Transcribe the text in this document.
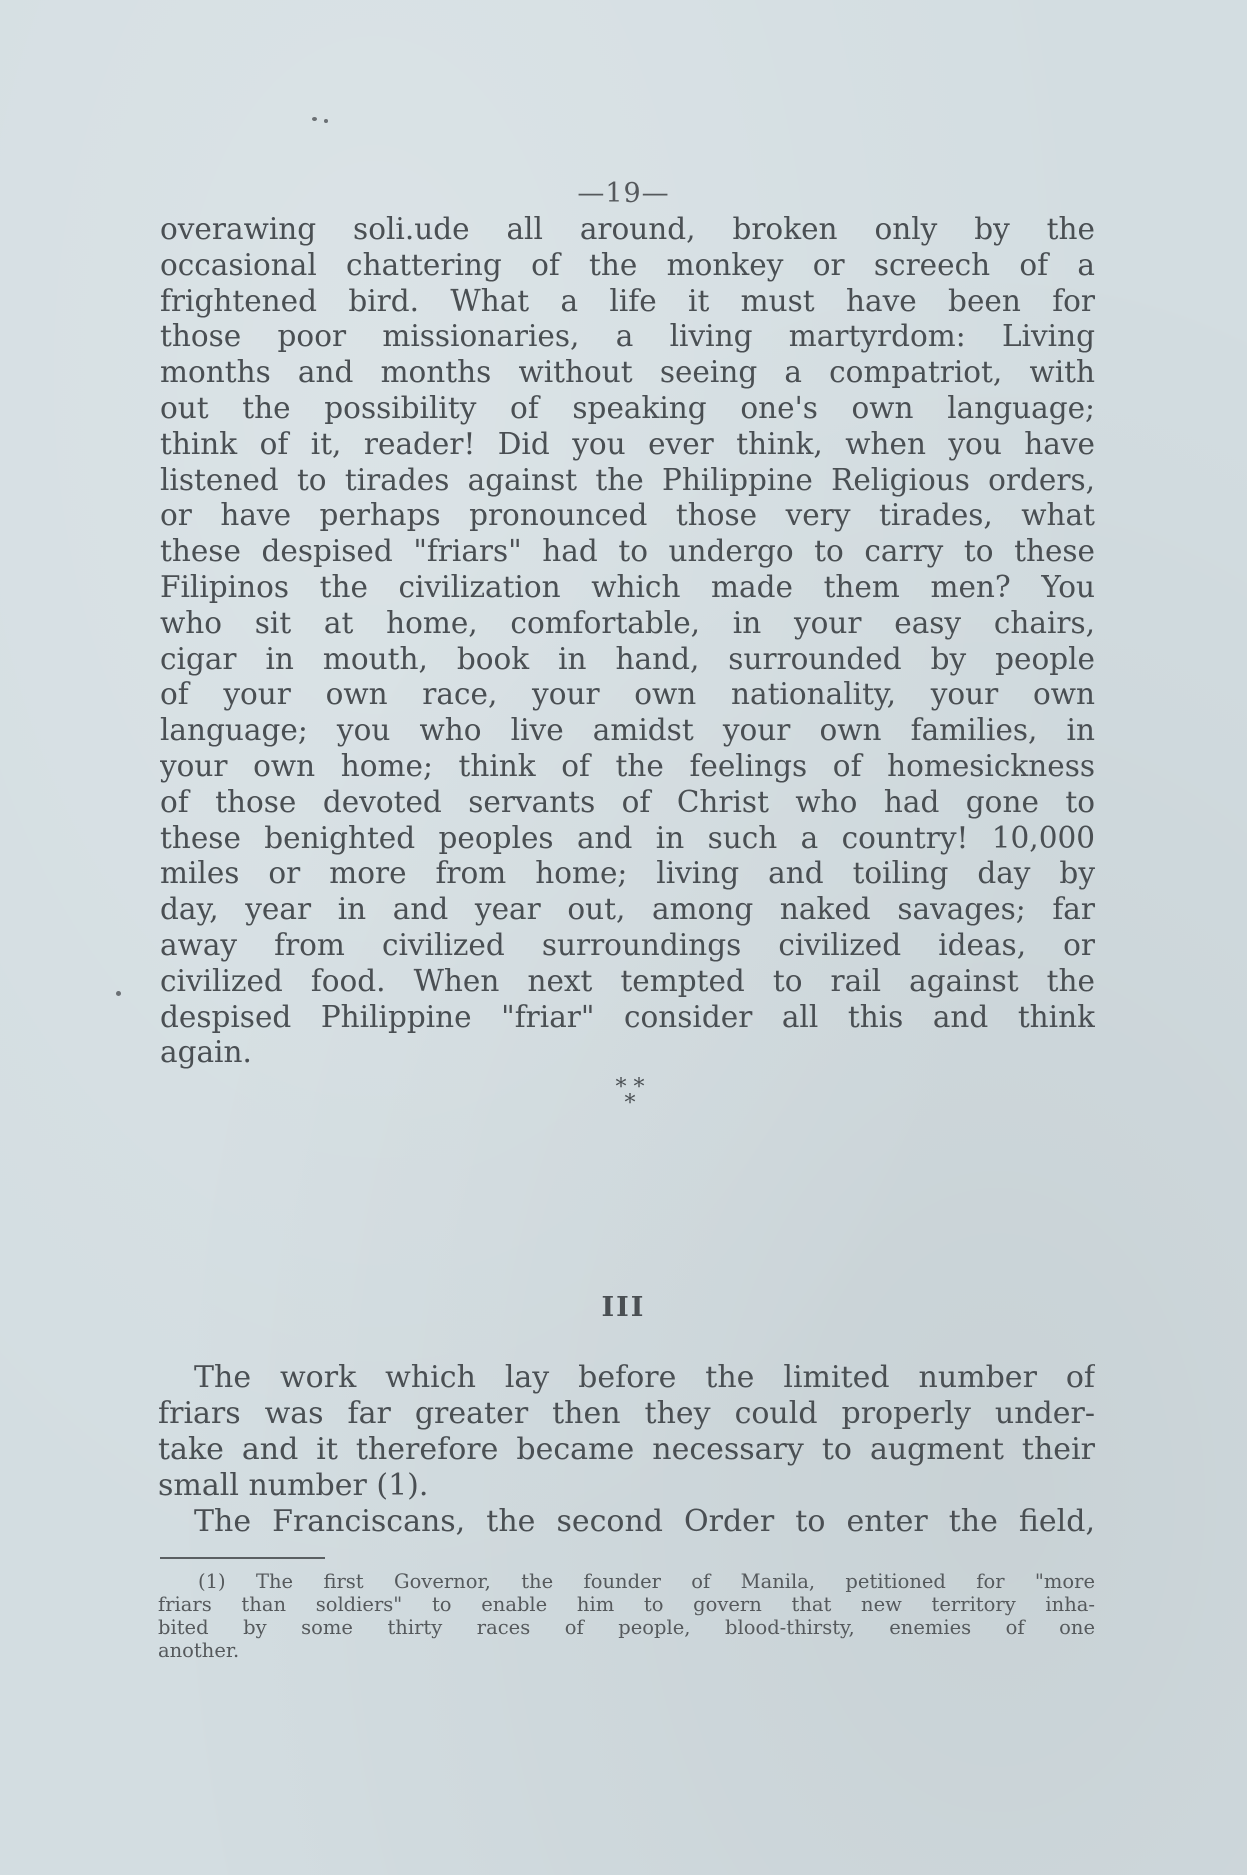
—19—
overawing soli.ude all around, broken only by the
occasional chattering of the monkey or screech of a
frightened bird. What a life it must have been for
those poor missionaries, a living martyrdom: Living
months and months without seeing a compatriot, with
out the possibility of speaking one's own language;
think of it, reader! Did you ever think, when you have
listened to tirades against the Philippine Religious orders,
or have perhaps pronounced those very tirades, what
these despised "friars" had to undergo to carry to these
Filipinos the civilization which made them men? You
who sit at home, comfortable, in your easy chairs,
cigar in mouth, book in hand, surrounded by people
of your own race, your own nationality, your own
language; you who live amidst your own families, in
your own home; think of the feelings of homesickness
of those devoted servants of Christ who had gone to
these benighted peoples and in such a country! 10,000
miles or more from home; living and toiling day by
day, year in and year out, among naked savages; far
away from civilized surroundings civilized ideas, or
civilized food. When next tempted to rail against the
despised Philippine "friar" consider all this and think
again.
* *
*
III
The work which lay before the limited number of
friars was far greater then they could properly under-
take and it therefore became necessary to augment their
small number (1).
The Franciscans, the second Order to enter the field,
(1) The first Governor, the founder of Manila, petitioned for "more
friars than soldiers" to enable him to govern that new territory inha-
bited by some thirty races of people, blood-thirsty, enemies of one
another.
